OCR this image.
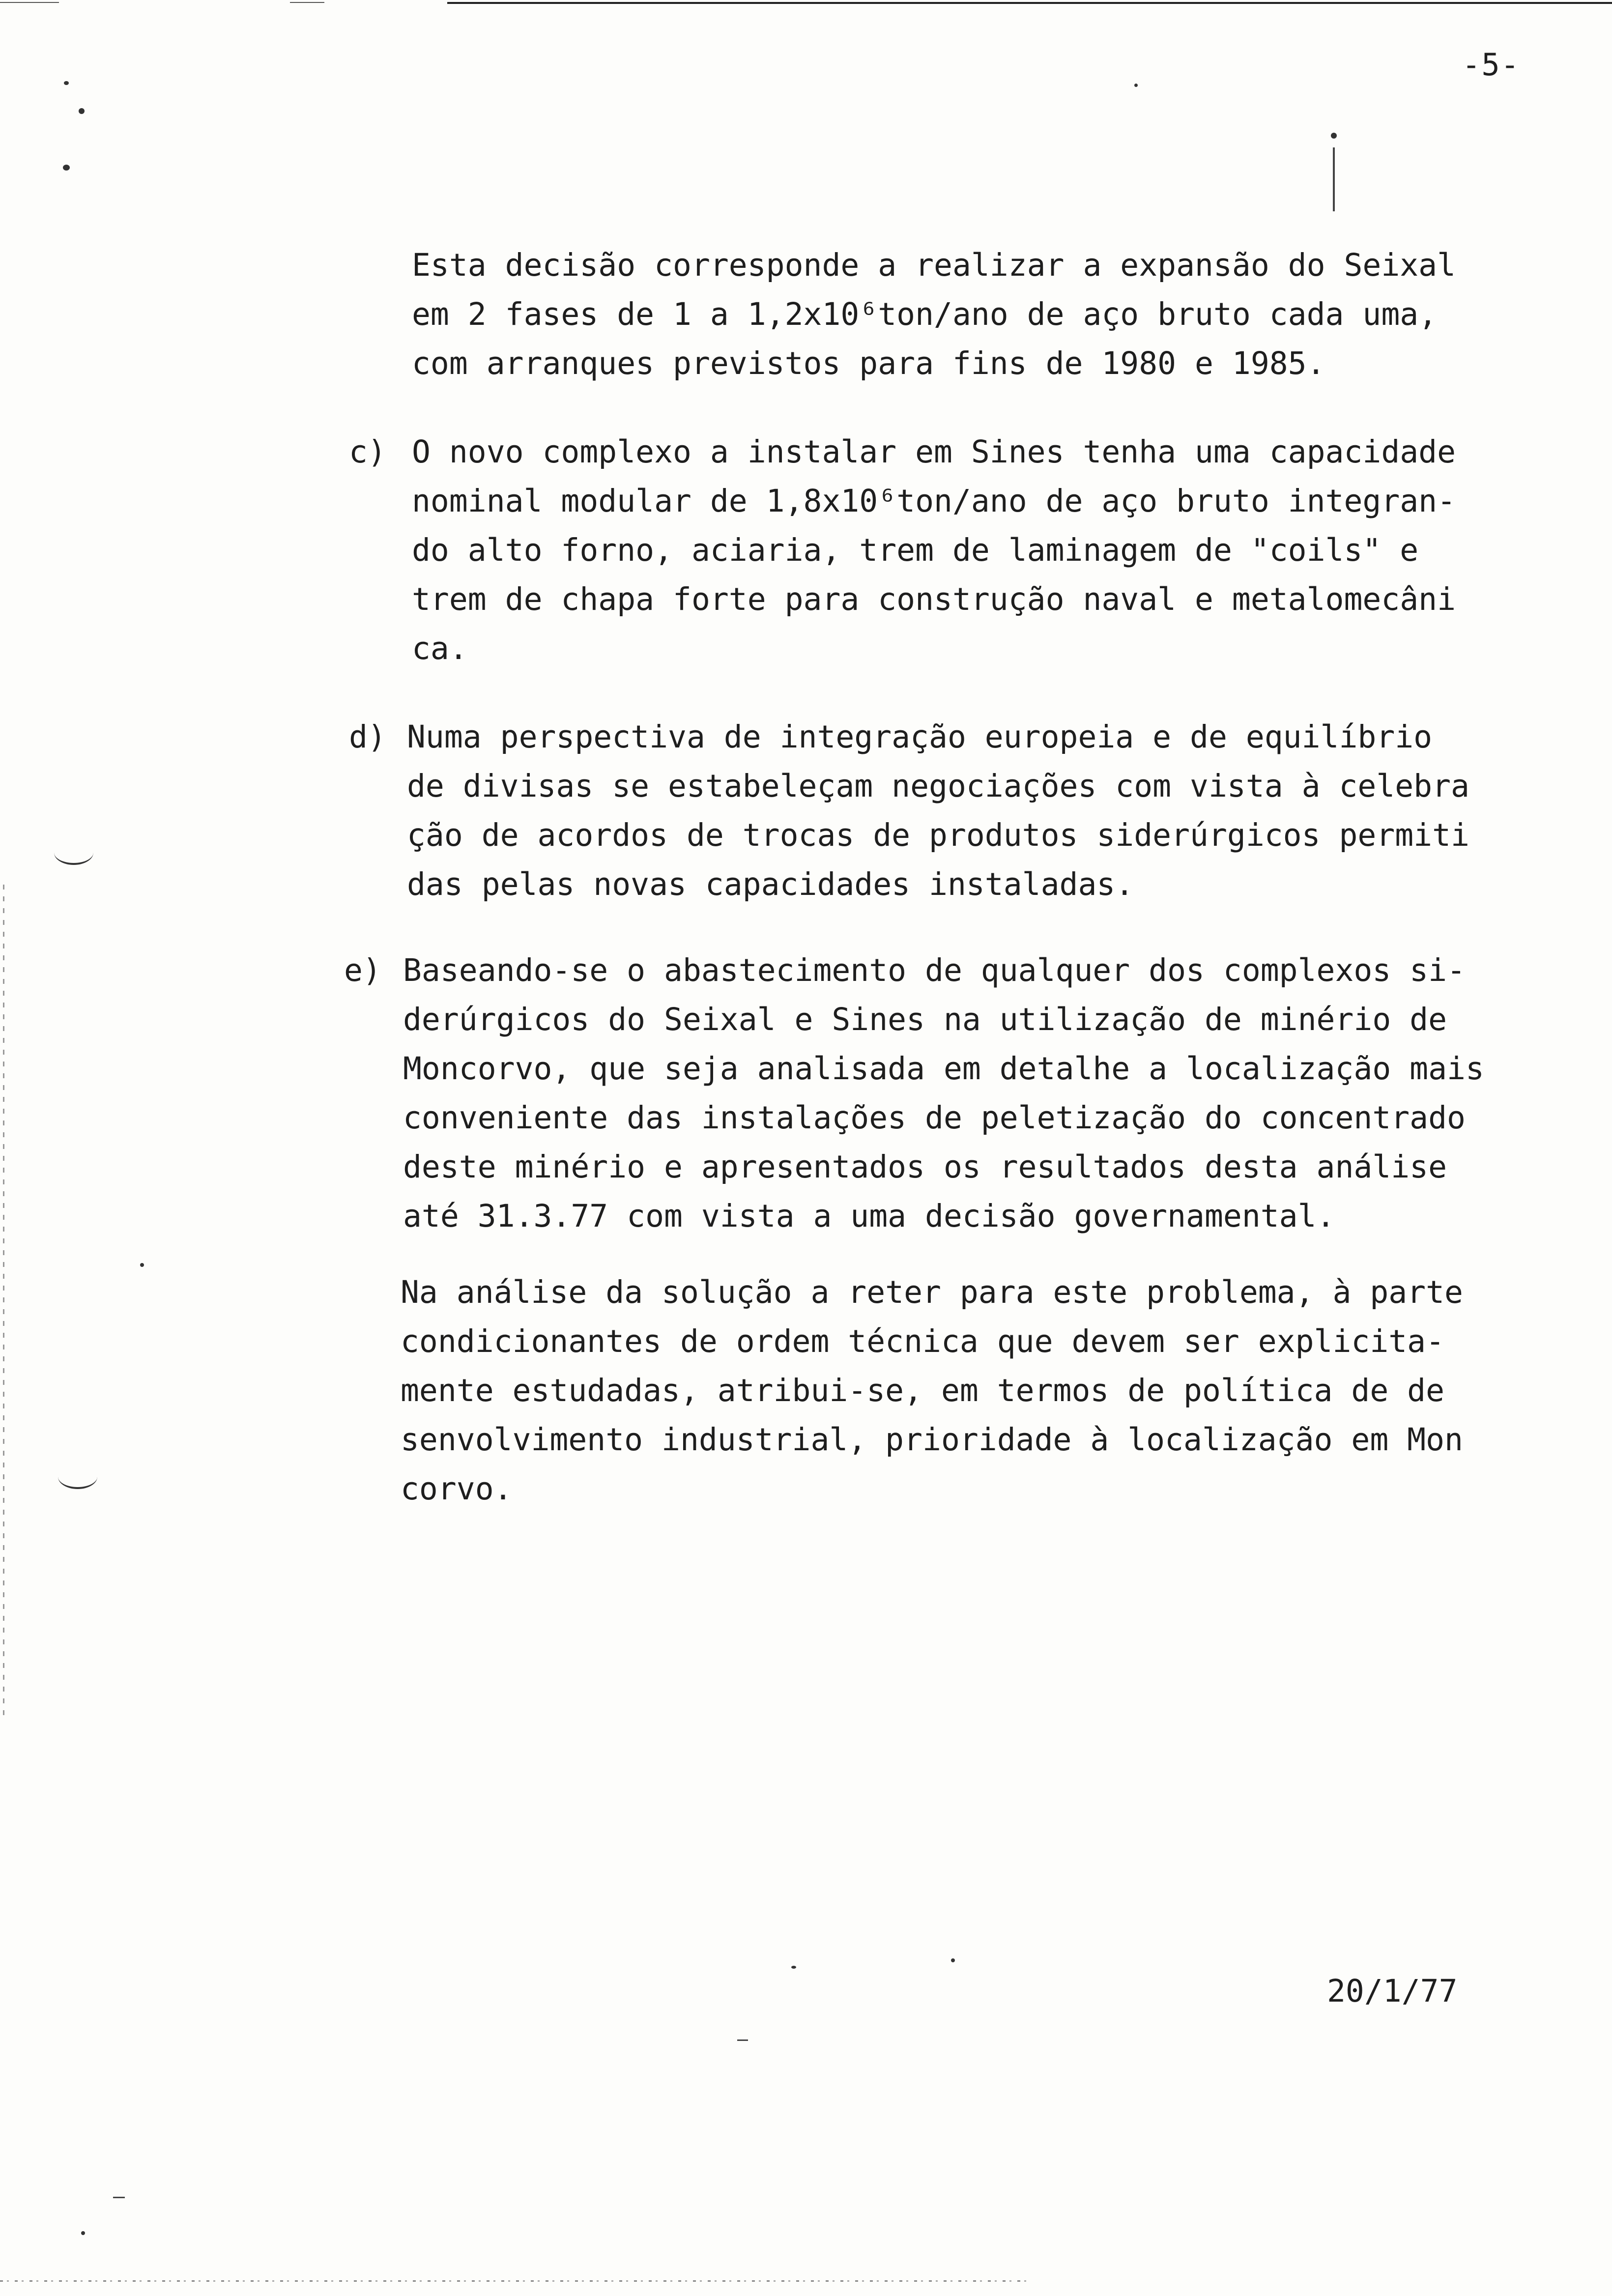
-5-
Esta decisão corresponde a realizar a expansão do Seixal
em 2 fases de 1 a 1,2x10⁶ton/ano de aço bruto cada uma,
com arranques previstos para fins de 1980 e 1985.
c) O novo complexo a instalar em Sines tenha uma capacidade
nominal modular de 1,8x10⁶ton/ano de aço bruto integran-
do alto forno, aciaria, trem de laminagem de "coils" e
trem de chapa forte para construção naval e metalomecâni
ca.
d) Numa perspectiva de integração europeia e de equilíbrio
de divisas se estabeleçam negociações com vista à celebra
ção de acordos de trocas de produtos siderúrgicos permiti
das pelas novas capacidades instaladas.
e) Baseando-se o abastecimento de qualquer dos complexos si-
derúrgicos do Seixal e Sines na utilização de minério de
Moncorvo, que seja analisada em detalhe a localização mais
conveniente das instalações de peletização do concentrado
deste minério e apresentados os resultados desta análise
até 31.3.77 com vista a uma decisão governamental.
Na análise da solução a reter para este problema, à parte
condicionantes de ordem técnica que devem ser explicita-
mente estudadas, atribui-se, em termos de política de de
senvolvimento industrial, prioridade à localização em Mon
corvo.
20/1/77
